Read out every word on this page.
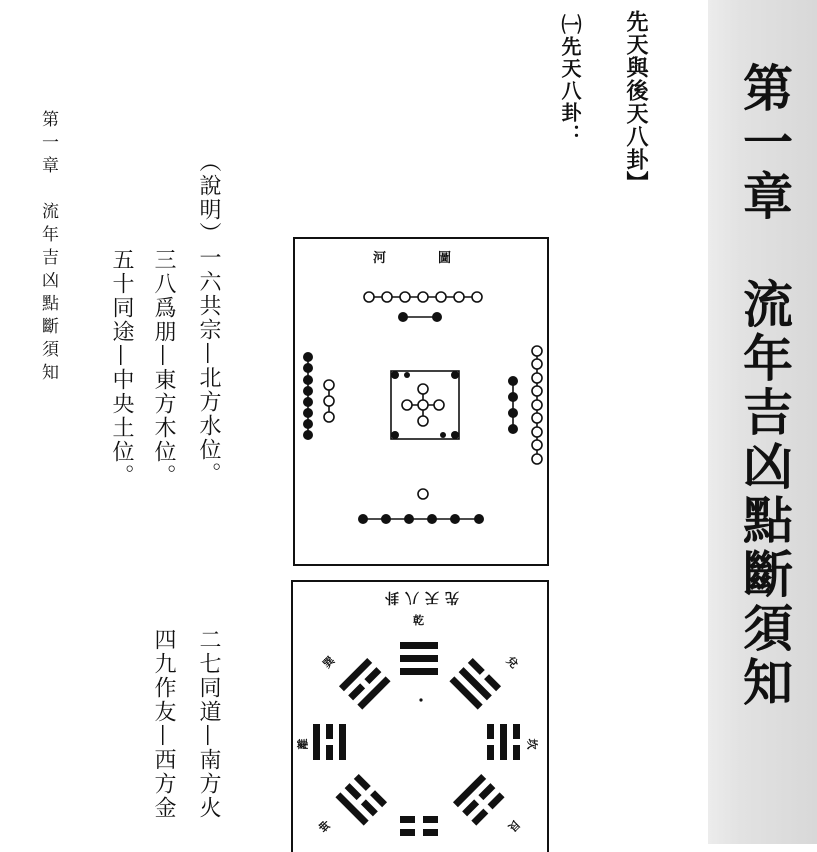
第一章　流年吉凶點斷須知
先天與後天八卦】
㈠先天八卦：
（說明）一六共宗—北方水位。
三八爲朋—東方木位。
五十同途—中央土位。
二七同道—南方火
四九作友—西方金
第一章　流年吉凶點斷須知	河	圖
先天八卦
乾
兌
坎
艮
巽
離
坤
